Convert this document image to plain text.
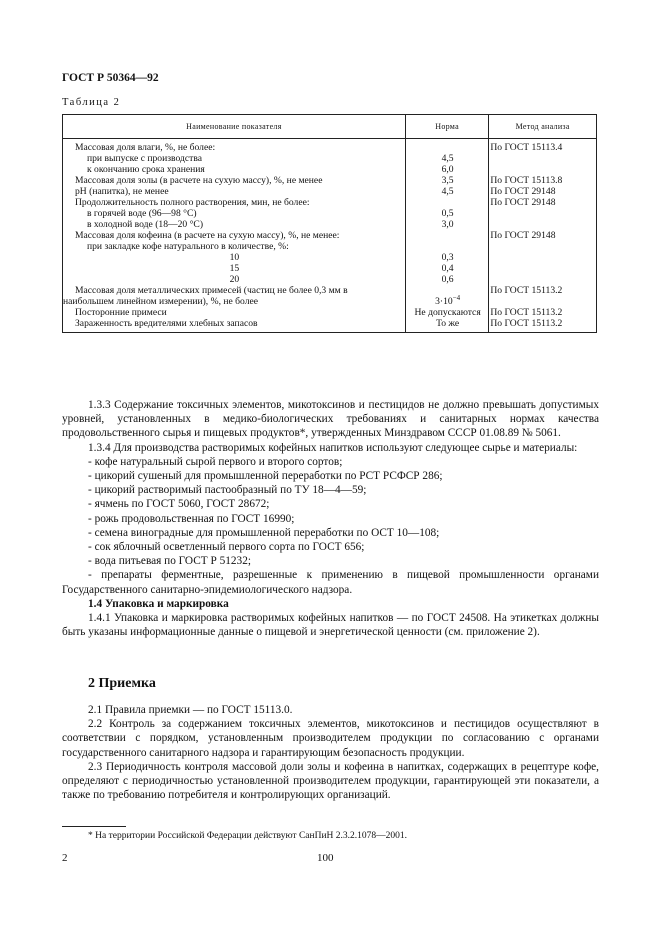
ГОСТ Р 50364—92
Таблица 2
Наименование показателя	Норма	Метод анализа
Массовая доля влаги, %, не более:		По ГОСТ 15113.4
при выпуске с производства	4,5	
к окончанию срока хранения	6,0	
Массовая доля золы (в расчете на сухую массу), %, не менее	3,5	По ГОСТ 15113.8
рН (напитка), не менее	4,5	По ГОСТ 29148
Продолжительность полного растворения, мин, не более:		По ГОСТ 29148
в горячей воде (96—98 °С)	0,5	
в холодной воде (18—20 °С)	3,0	
Массовая доля кофеина (в расчете на сухую массу), %, не менее:		По ГОСТ 29148
при закладке кофе натурального в количестве, %:		
10	0,3	
15	0,4	
20	0,6	

Массовая доля металлических примесей (частиц не более 0,3 мм в
наибольшем линейном измерении), %, не более	$3\cdot 10^{-4}$	По ГОСТ 15113.2
Посторонние примеси	Не допускаются	По ГОСТ 15113.2
Зараженность вредителями хлебных запасов	То же	По ГОСТ 15113.2

1.3.3 Содержание токсичных элементов, микотоксинов и пестицидов не должно превышать допустимых уровней, установленных в медико-биологических требованиях и санитарных нормах качества продовольственного сырья и пищевых продуктов*, утвержденных Минздравом СССР 01.08.89 № 5061.

1.3.4 Для производства растворимых кофейных напитков используют следующее сырье и материалы:

- кофе натуральный сырой первого и второго сортов;

- цикорий сушеный для промышленной переработки по РСТ РСФСР 286;

- цикорий растворимый пастообразный по ТУ 18—4—59;

- ячмень по ГОСТ 5060, ГОСТ 28672;

- рожь продовольственная по ГОСТ 16990;

- семена виноградные для промышленной переработки по ОСТ 10—108;

- сок яблочный осветленный первого сорта по ГОСТ 656;

- вода питьевая по ГОСТ Р 51232;

- препараты ферментные, разрешенные к применению в пищевой промышленности органами Государственного санитарно-эпидемиологического надзора.

1.4 Упаковка и маркировка

1.4.1 Упаковка и маркировка растворимых кофейных напитков — по ГОСТ 24508. На этикетках должны быть указаны информационные данные о пищевой и энергетической ценности (см. приложение 2).

2 Приемка

2.1 Правила приемки — по ГОСТ 15113.0.

2.2 Контроль за содержанием токсичных элементов, микотоксинов и пестицидов осуществляют в соответствии с порядком, установленным производителем продукции по согласованию с органами государственного санитарного надзора и гарантирующим безопасность продукции.

2.3 Периодичность контроля массовой доли золы и кофеина в напитках, содержащих в рецептуре кофе, определяют с периодичностью установленной производителем продукции, гарантирующей эти показатели, а также по требованию потребителя и контролирующих организаций.

* На территории Российской Федерации действуют СанПиН 2.3.2.1078—2001.
2	100
